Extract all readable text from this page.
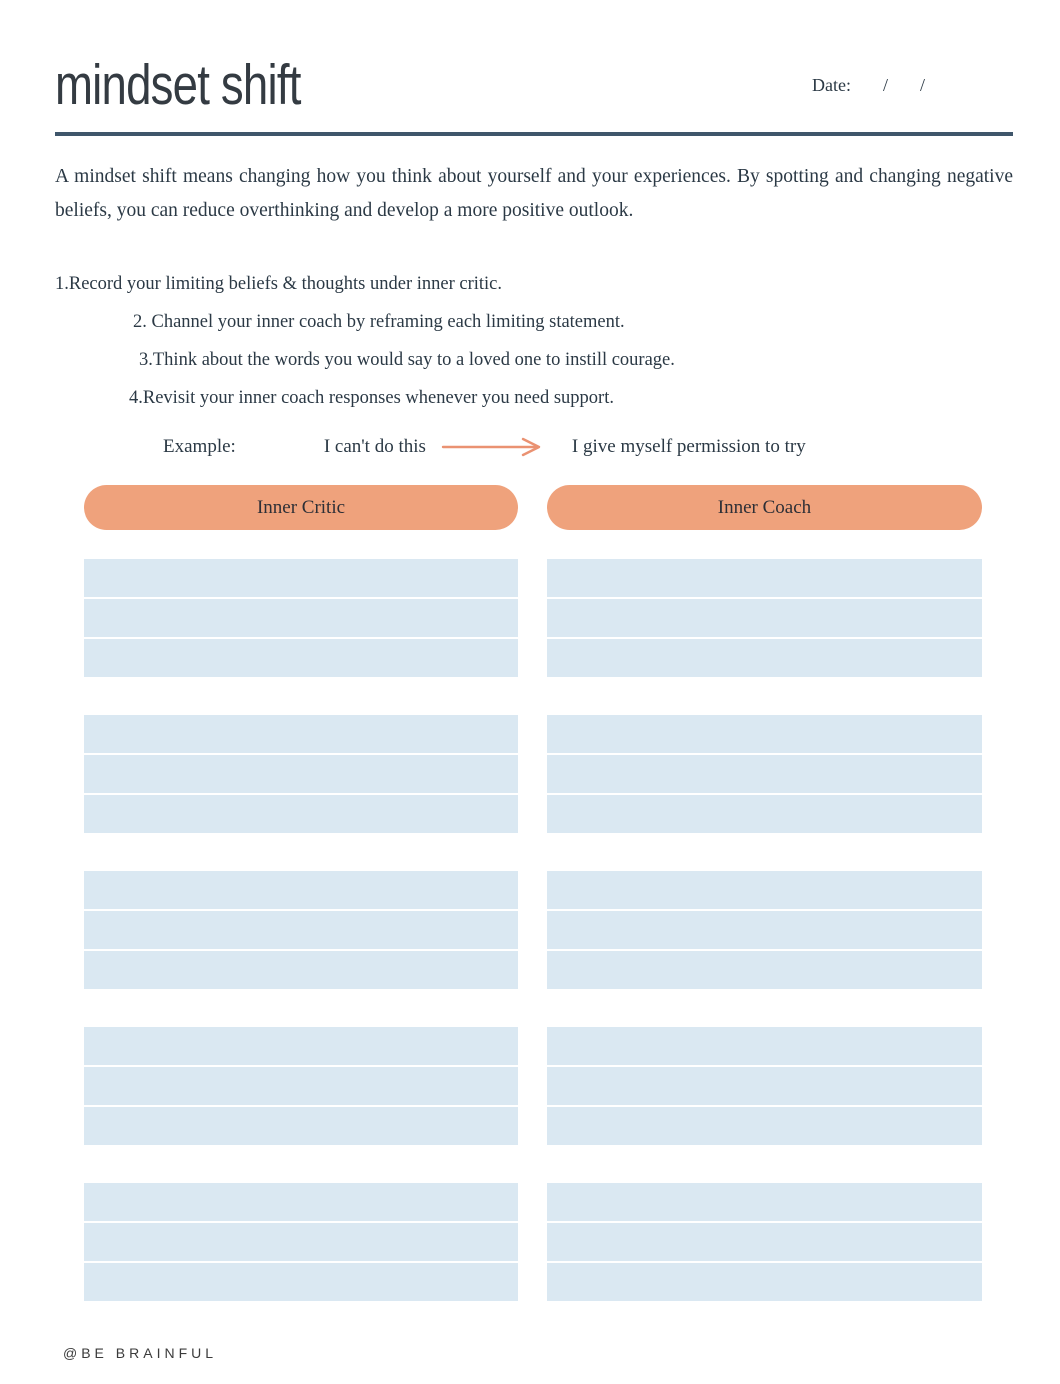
mindset shift	Date: / /

A mindset shift means changing how you think about yourself and your experiences. By spotting and changing negative beliefs, you can reduce overthinking and develop a more positive outlook.

1.Record your limiting beliefs & thoughts under inner critic.
2. Channel your inner coach by reframing each limiting statement.
3.Think about the words you would say to a loved one to instill courage.
4.Revisit your inner coach responses whenever you need support.
Example:	I can't do this	I give myself permission to try
Inner Critic	Inner Coach
@BE BRAINFUL
